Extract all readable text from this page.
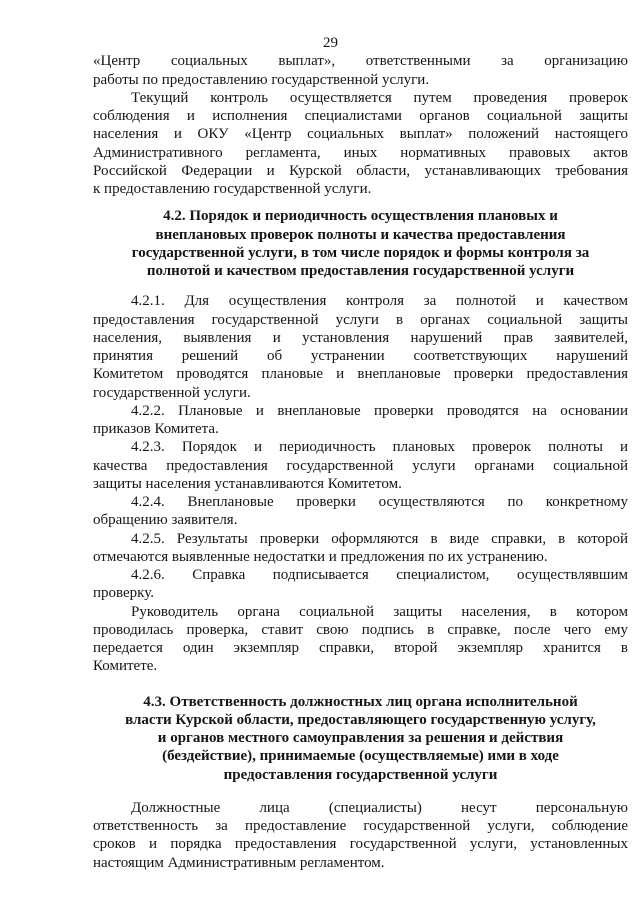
29
«Центр социальных выплат», ответственными за организацию
работы по предоставлению государственной услуги.
Текущий контроль осуществляется путем проведения проверок
соблюдения и исполнения специалистами органов социальной защиты
населения и ОКУ «Центр социальных выплат» положений настоящего
Административного регламента, иных нормативных правовых актов
Российской Федерации и Курской области, устанавливающих требования
к предоставлению государственной услуги.
4.2. Порядок и периодичность осуществления плановых и
внеплановых проверок полноты и качества предоставления
государственной услуги, в том числе порядок и формы контроля за
полнотой и качеством предоставления государственной услуги
4.2.1. Для осуществления контроля за полнотой и качеством
предоставления государственной услуги в органах социальной защиты
населения, выявления и установления нарушений прав заявителей,
принятия решений об устранении соответствующих нарушений
Комитетом проводятся плановые и внеплановые проверки предоставления
государственной услуги.
4.2.2. Плановые и внеплановые проверки проводятся на основании
приказов Комитета.
4.2.3. Порядок и периодичность плановых проверок полноты и
качества предоставления государственной услуги органами социальной
защиты населения устанавливаются Комитетом.
4.2.4. Внеплановые проверки осуществляются по конкретному
обращению заявителя.
4.2.5. Результаты проверки оформляются в виде справки, в которой
отмечаются выявленные недостатки и предложения по их устранению.
4.2.6. Справка подписывается специалистом, осуществлявшим
проверку.
Руководитель органа социальной защиты населения, в котором
проводилась проверка, ставит свою подпись в справке, после чего ему
передается один экземпляр справки, второй экземпляр хранится в
Комитете.
4.3. Ответственность должностных лиц органа исполнительной
власти Курской области, предоставляющего государственную услугу,
и органов местного самоуправления за решения и действия
(бездействие), принимаемые (осуществляемые) ими в ходе
предоставления государственной услуги
Должностные лица (специалисты) несут персональную
ответственность за предоставление государственной услуги, соблюдение
сроков и порядка предоставления государственной услуги, установленных
настоящим Административным регламентом.
